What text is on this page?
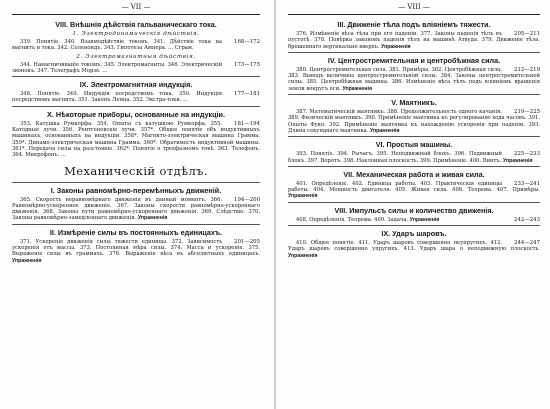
— VII —
VIII. Внѣшнія дѣйствія гальваническаго тока.
1. Электродинамическія дѣйствія.

168—172
339. Понятіе. 340. Взаимодѣйствіе токовъ. 341. Дѣйствіе тока на магнитъ и тока. 342. Соленоидъ. 343. Гипотеза Ампера. ... Сграм.

2. Электромагнитныя дѣйствія.

173—175
344. Намагничиваніе токомъ. 345. Электромагниты. 346. Электрическій звонокъ. 347. Телеграфъ Морзе. ...

IX. Электромагнитная индукція.

177—181
348. Понятіе. 349. Индукція посредствомъ тока. 350. Индукція посредствомъ магнита. 351. Законъ Ленца. 352. Экстра-токи. ...

X. Нѣкоторые приборы, основанные на индукціи.

181—194
353. Катушка Румкорфа. 354. Опыты съ катушкою Румкорфа. 355. Катодные лучи. 356. Рентгеновскіе лучи. 357*. Общее понятіе объ индуктивныхъ машинахъ, основанныхъ на индукціи. 358*. Магнито-электрическая машина Грамма. 359*. Динамо-электрическая машина Грамма. 360*. Обратимость индуктивной машины. 361*. Передача силы на разстояніе. 362*. Понятіе о трехфазномъ токѣ. 363. Телефонъ. 364. Микрофонъ. ...

Механическій отдѣлъ.
I. Законы равномѣрно-перемѣнныхъ движеній.

194—200
365. Скорость неравномѣрнаго движенія въ данный моментъ. 366. Равномѣрно-ускоренное движеніе. 367. Законы скорости равномѣрно-ускореннаго движенія. 368. Законы пути равномѣрно-ускореннаго движенія. 369. Слѣдствіе. 370. Законы равномѣрно-замедленнаго движенія. Упражненія

II. Измѣреніе силы въ постоянныхъ единицахъ.

201—205
371. Ускореніе движенія силы тяжести единицы. 372. Зависимость ускоренія отъ массы. 373. Постоянная мѣра силы. 374. Масса и ускореніе. 375. Выраженіе силы въ граммахъ. 376. Выраженіе вѣса въ абсолютныхъ единицахъ. Упражненія

— VIII —
III. Движеніе тѣла подъ вліяніемъ тяжести.

205—211
376. Измѣненіе вѣса тѣла при его паденіи. 377. Законы паденія тѣлъ въ пустотѣ. 378. Повѣрка законовъ паденія тѣлъ на машинѣ Атвуда. 379. Движеніе тѣла, брошеннаго вертикально вверхъ. Упражненія

IV. Центростремительная и центробѣжная сила.

212—219
380. Центростремительная сила. 381. Примѣры. 382. Центробѣжная сила. 383. Выводъ величины центростремительной силы. 384. Законы центростремительной силы. 385. Центробѣжная машина. 386. Измѣненіе вѣса тѣлъ подъ вліяніемъ вращенія земли вокругъ оси. Упражненія

V. Маятникъ.

219—225
387. Математическій маятникъ. 388. Продолжительность одного качанія. 389. Физическій маятникъ. 390. Примѣненіе маятника къ регулированію хода часовъ. 391. Опыты Фуко. 392. Примѣненіе маятника къ нахожденію ускоренія при паденіи. 393. Длина секунднаго маятника. Упражненія

VI. Простыя машины.

225—233
393. Понятіе. 394. Рычагъ. 395. Неподвижный блокъ. 396. Подвижный блокъ. 397. Воротъ. 398. Наклонная плоскость. 399. Примѣненіе. 400. Винтъ. Упражненія

VII. Механическая работа и живая сила.

233—241
401. Опредѣленіе. 402. Единица работы. 403. Практическія единицы работы. 404. Мощность двигателя. 405. Живая сила. 406. Теорема. 407. Примѣры. Упражненія

VIII. Импульсъ силы и количество движенія.

242—243
408. Опредѣленія. Теорема. 409. Задача. Упражненія

IX. Ударъ шаровъ.

244—247
410. Общее понятіе. 411. Ударъ шаровъ совершенно неупругихъ. 412. Ударъ шаровъ совершенно упругихъ. 413. Ударъ шара о неподвижную плоскость. Упражненія
